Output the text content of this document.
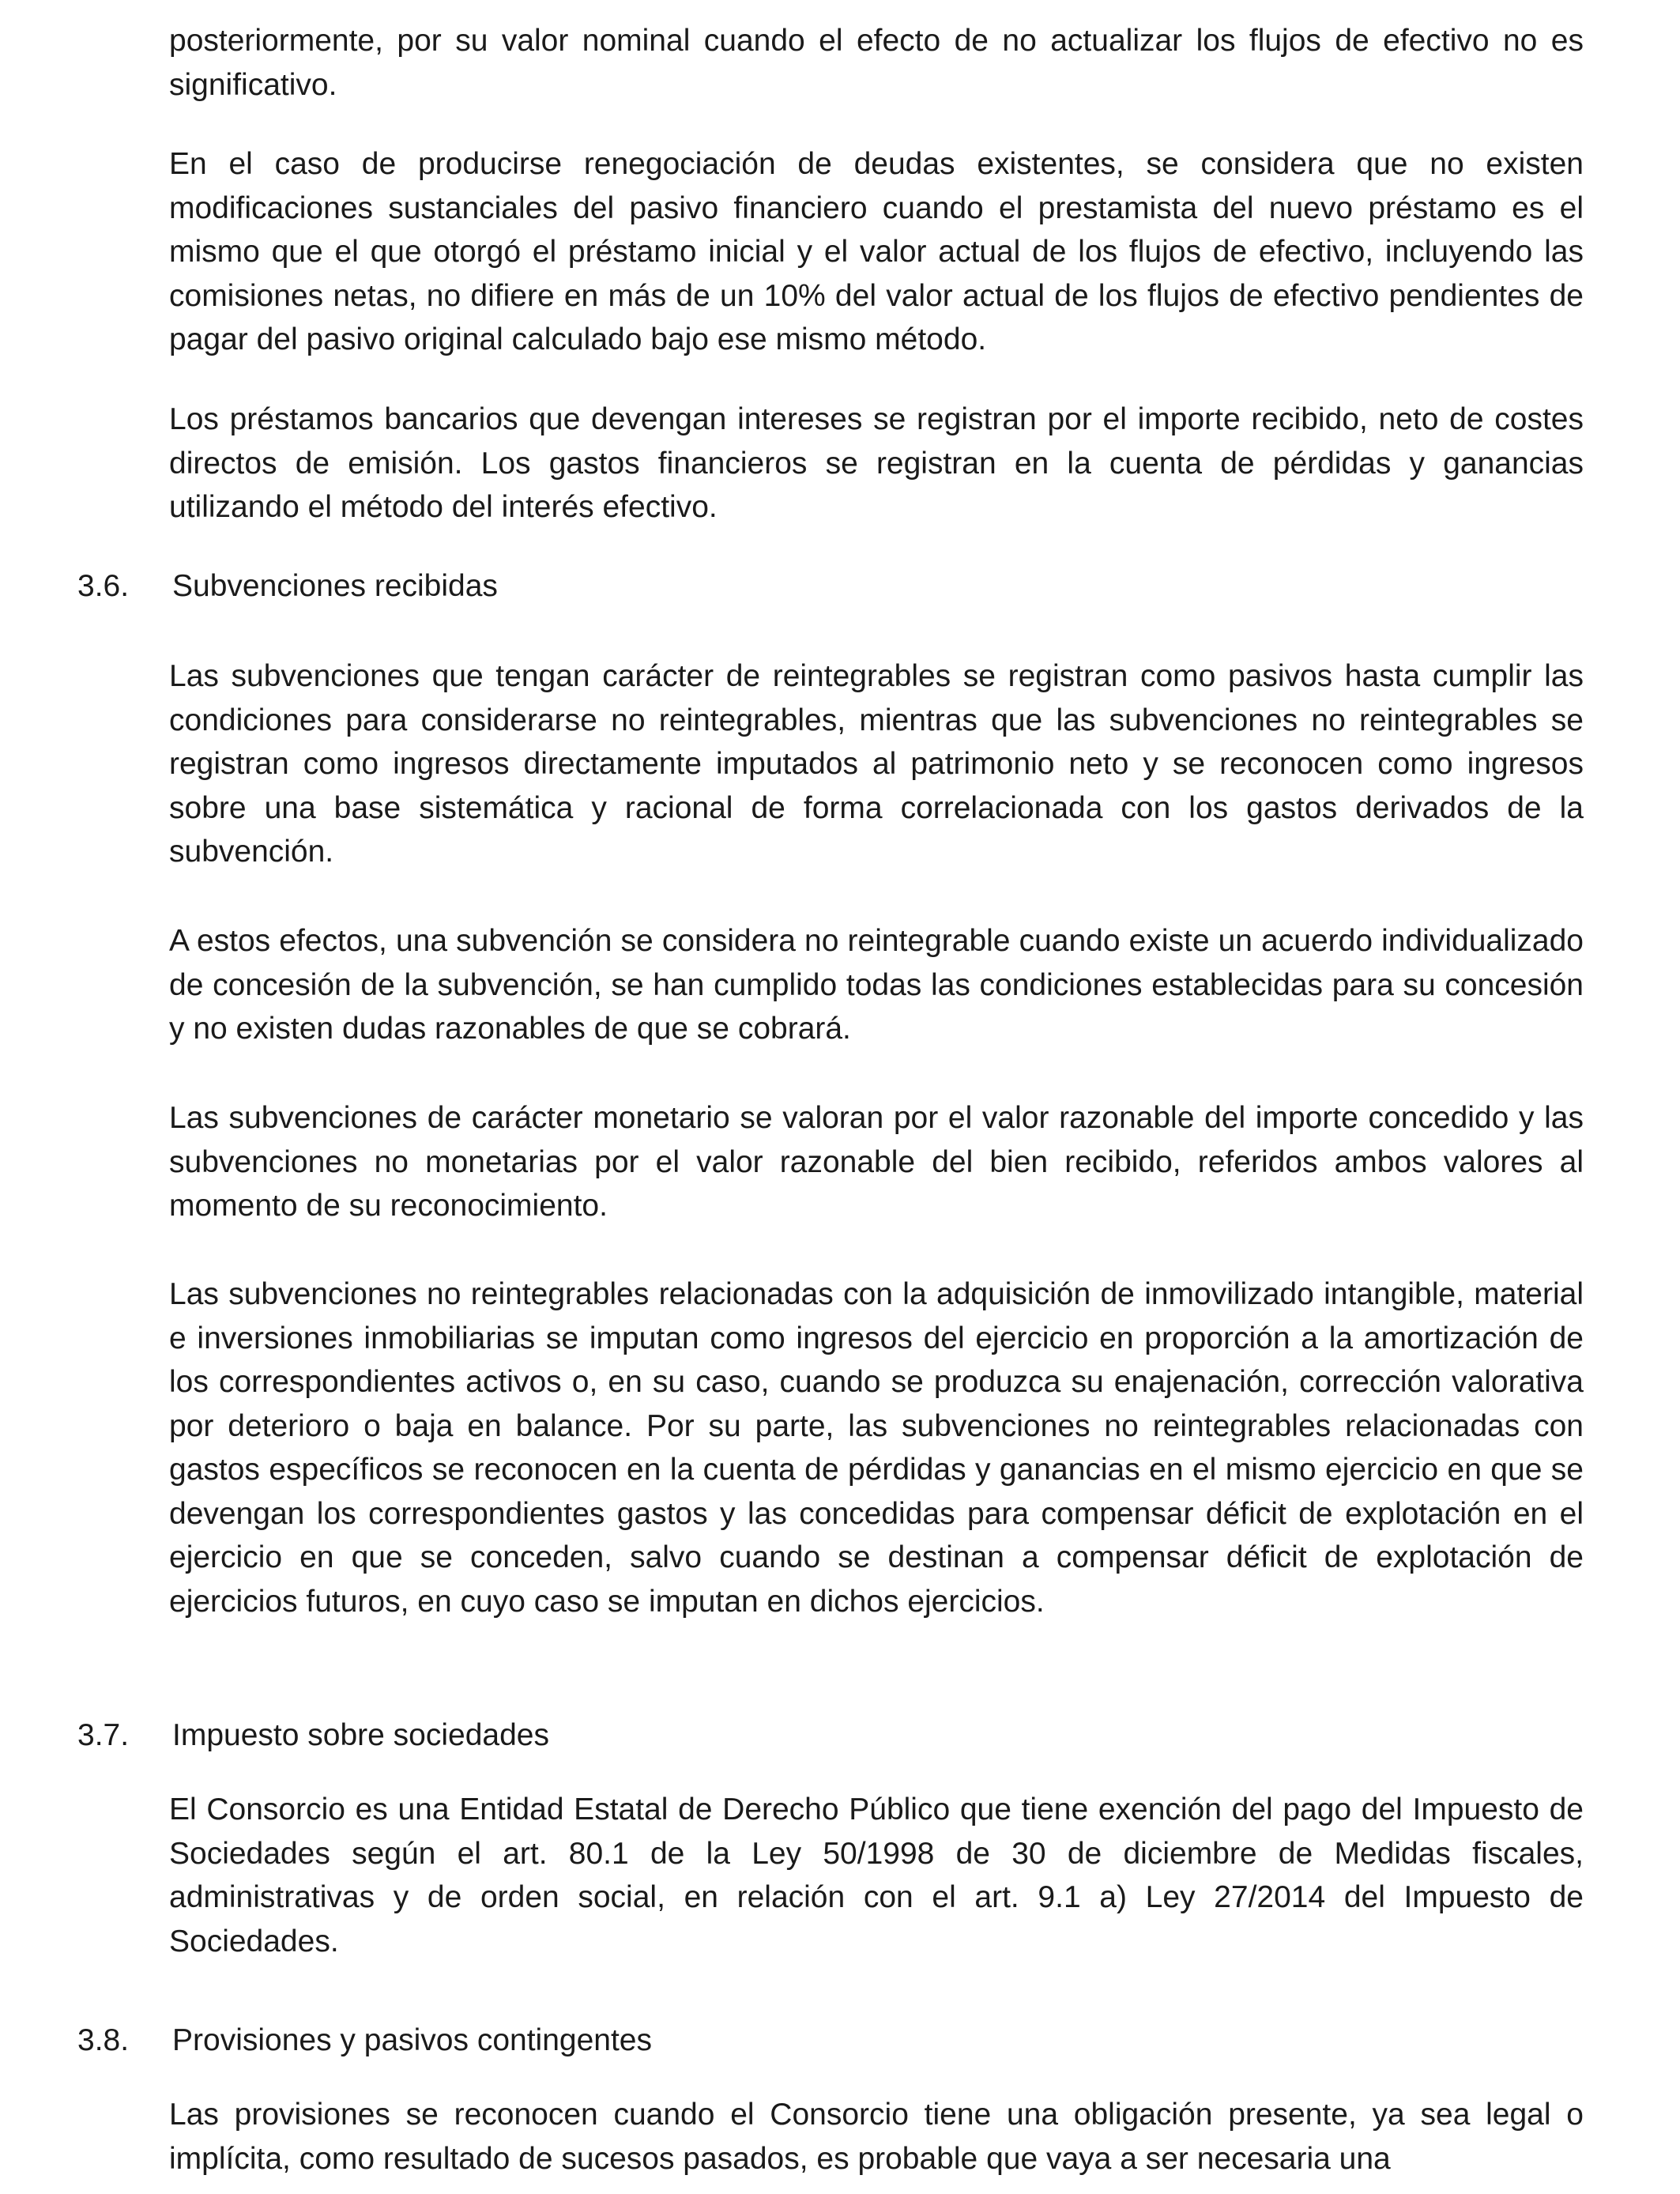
posteriormente, por su valor nominal cuando el efecto de no actualizar los flujos de efectivo no es significativo.

En el caso de producirse renegociación de deudas existentes, se considera que no existen modificaciones sustanciales del pasivo financiero cuando el prestamista del nuevo préstamo es el mismo que el que otorgó el préstamo inicial y el valor actual de los flujos de efectivo, incluyendo las comisiones netas, no difiere en más de un 10% del valor actual de los flujos de efectivo pendientes de pagar del pasivo original calculado bajo ese mismo método.

Los préstamos bancarios que devengan intereses se registran por el importe recibido, neto de costes directos de emisión. Los gastos financieros se registran en la cuenta de pérdidas y ganancias utilizando el método del interés efectivo.

3.6. Subvenciones recibidas

Las subvenciones que tengan carácter de reintegrables se registran como pasivos hasta cumplir las condiciones para considerarse no reintegrables, mientras que las subvenciones no reintegrables se registran como ingresos directamente imputados al patrimonio neto y se reconocen como ingresos sobre una base sistemática y racional de forma correlacionada con los gastos derivados de la subvención.

A estos efectos, una subvención se considera no reintegrable cuando existe un acuerdo individualizado de concesión de la subvención, se han cumplido todas las condiciones establecidas para su concesión y no existen dudas razonables de que se cobrará.

Las subvenciones de carácter monetario se valoran por el valor razonable del importe concedido y las subvenciones no monetarias por el valor razonable del bien recibido, referidos ambos valores al momento de su reconocimiento.

Las subvenciones no reintegrables relacionadas con la adquisición de inmovilizado intangible, material e inversiones inmobiliarias se imputan como ingresos del ejercicio en proporción a la amortización de los correspondientes activos o, en su caso, cuando se produzca su enajenación, corrección valorativa por deterioro o baja en balance. Por su parte, las subvenciones no reintegrables relacionadas con gastos específicos se reconocen en la cuenta de pérdidas y ganancias en el mismo ejercicio en que se devengan los correspondientes gastos y las concedidas para compensar déficit de explotación en el ejercicio en que se conceden, salvo cuando se destinan a compensar déficit de explotación de ejercicios futuros, en cuyo caso se imputan en dichos ejercicios.

3.7. Impuesto sobre sociedades

El Consorcio es una Entidad Estatal de Derecho Público que tiene exención del pago del Impuesto de Sociedades según el art. 80.1 de la Ley 50/1998 de 30 de diciembre de Medidas fiscales, administrativas y de orden social, en relación con el art. 9.1 a) Ley 27/2014 del Impuesto de Sociedades.

3.8. Provisiones y pasivos contingentes

Las provisiones se reconocen cuando el Consorcio tiene una obligación presente, ya sea legal o implícita, como resultado de sucesos pasados, es probable que vaya a ser necesaria una
